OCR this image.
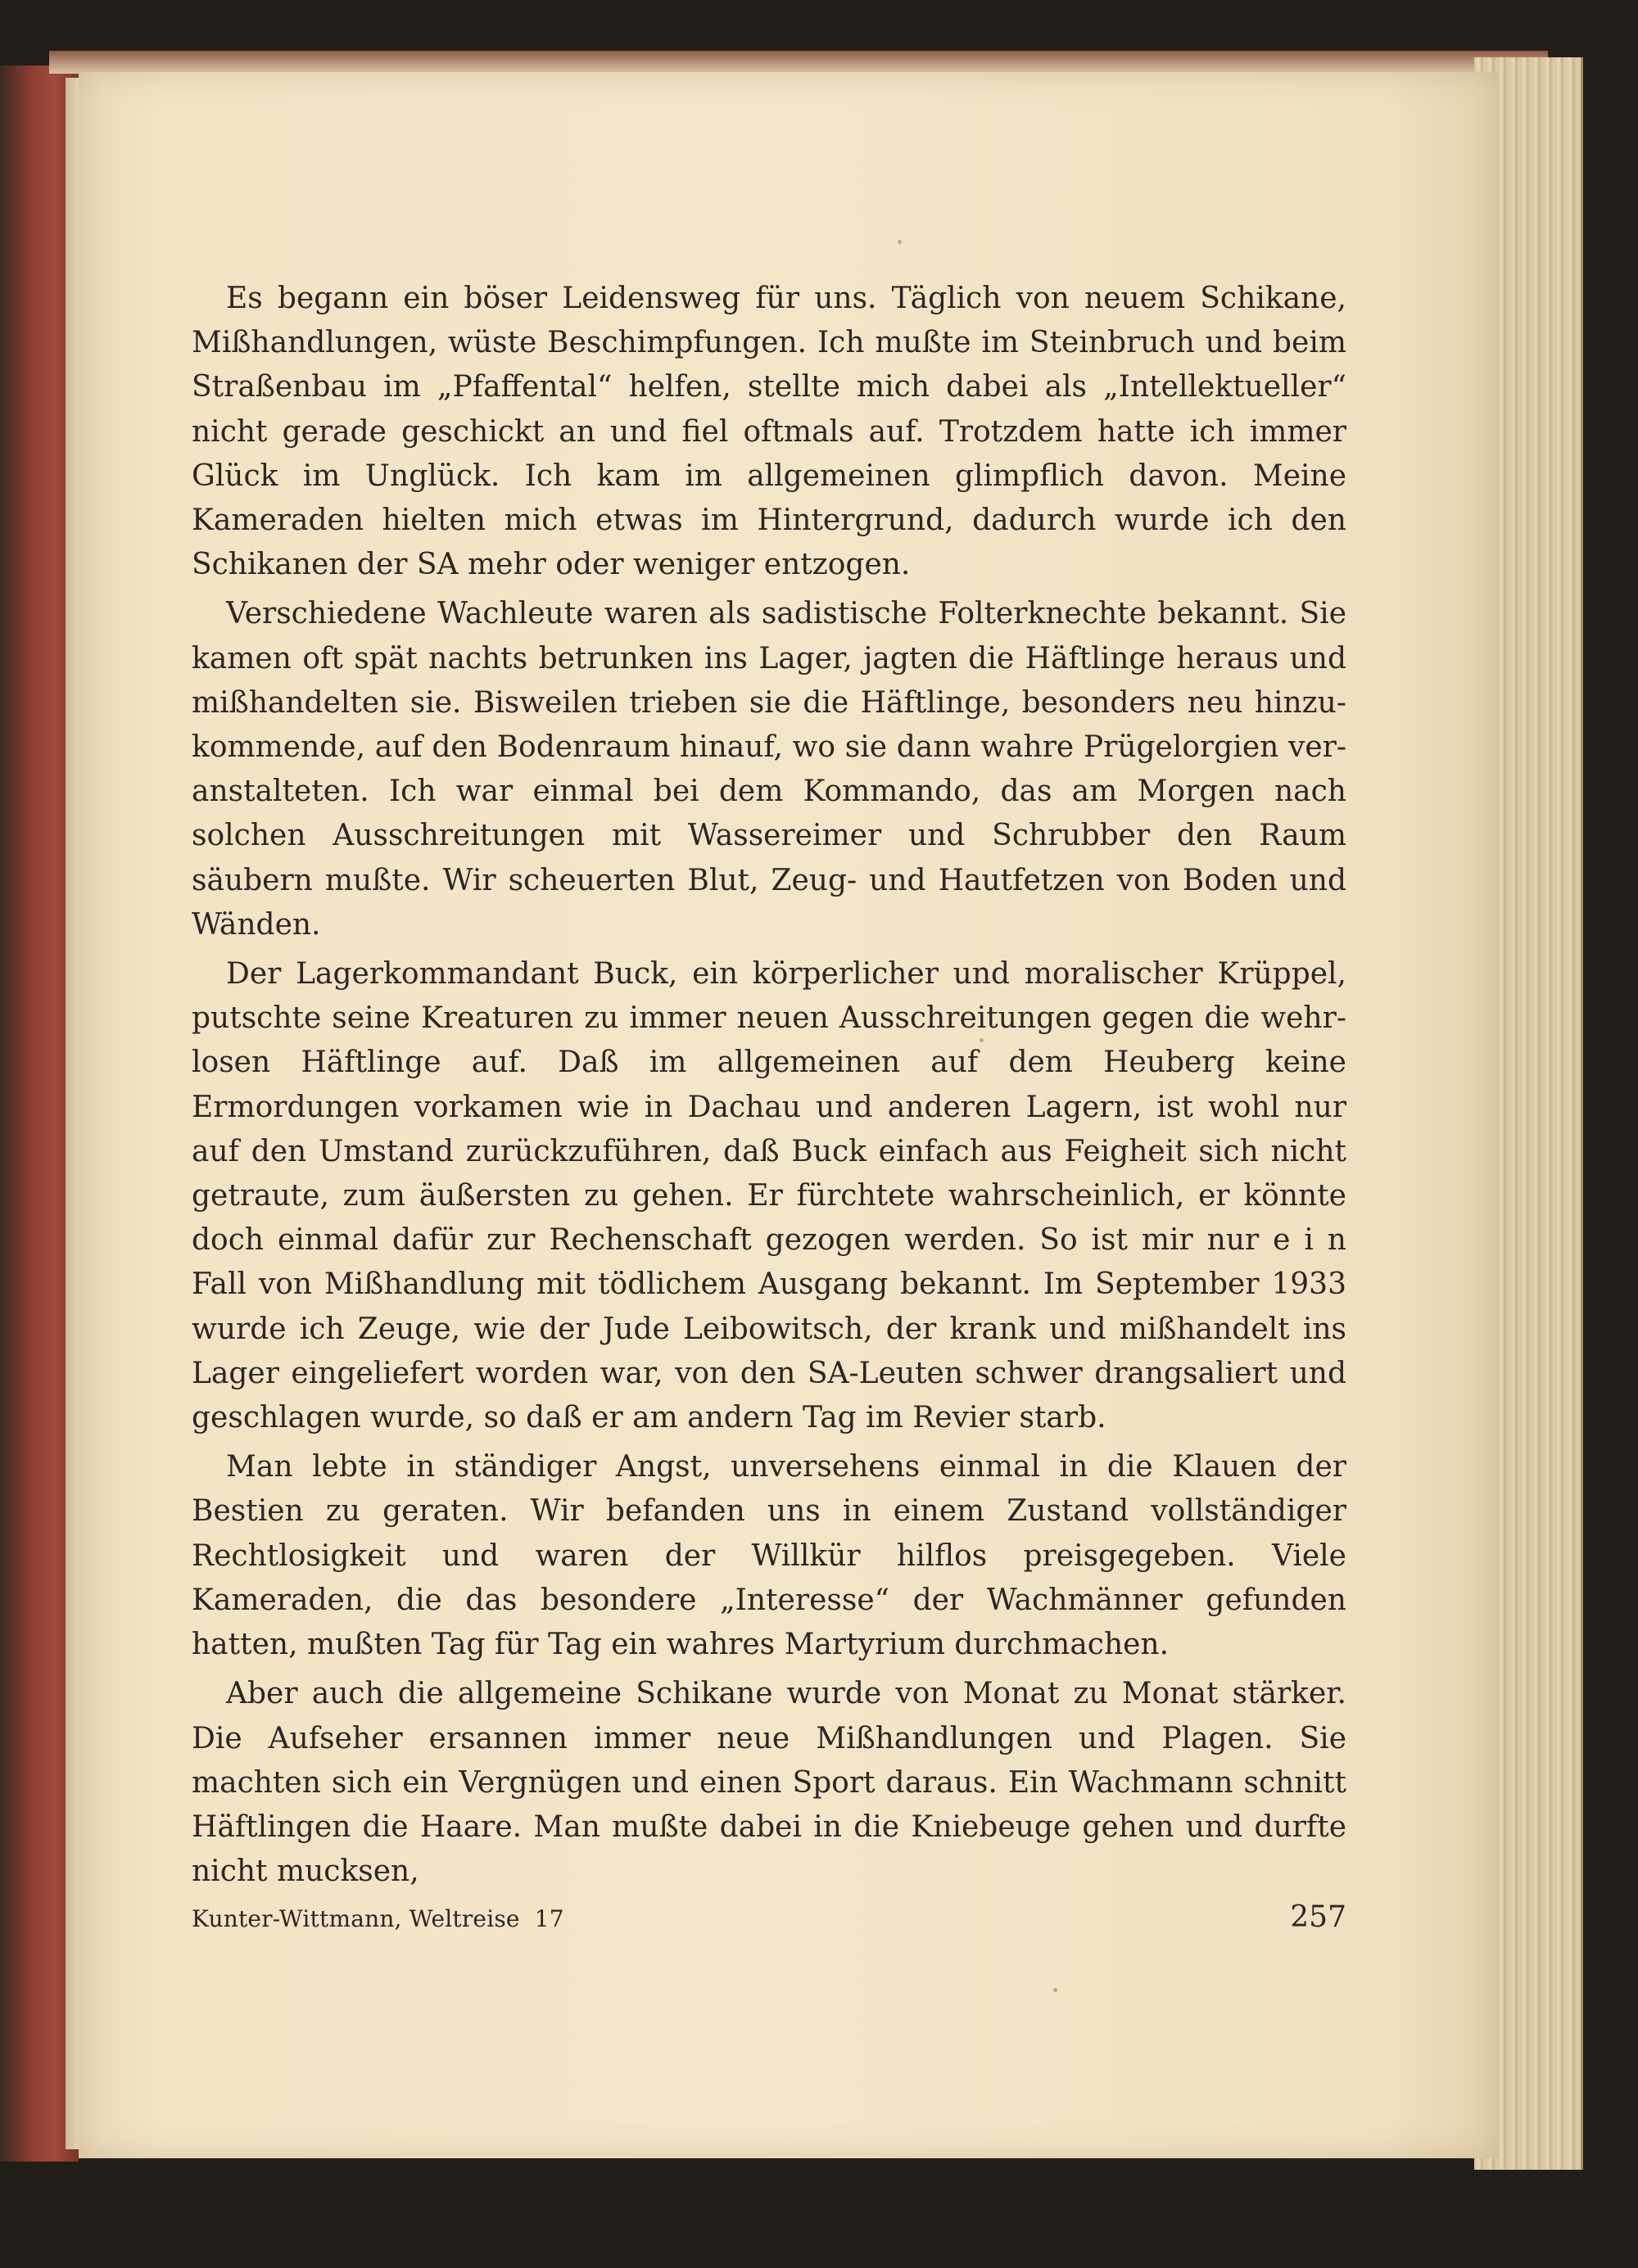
Es begann ein böser Leidensweg für uns. Täglich von neuem Schikane, Mißhandlungen, wüste Beschimpfungen. Ich mußte im Steinbruch und beim Straßenbau im „Pfaffental“ helfen, stellte mich dabei als „Intellektueller“ nicht gerade geschickt an und fiel oftmals auf. Trotzdem hatte ich immer Glück im Unglück. Ich kam im allgemeinen glimpflich davon. Meine Kameraden hielten mich etwas im Hintergrund, dadurch wurde ich den Schikanen der SA mehr oder weniger entzogen.

Verschiedene Wachleute waren als sadistische Folterknechte bekannt. Sie kamen oft spät nachts betrunken ins Lager, jagten die Häftlinge heraus und mißhandelten sie. Bisweilen trieben sie die Häftlinge, besonders neu hinzukommende, auf den Bodenraum hinauf, wo sie dann wahre Prügelorgien veranstalteten. Ich war einmal bei dem Kommando, das am Morgen nach solchen Ausschreitungen mit Wassereimer und Schrubber den Raum säubern mußte. Wir scheuerten Blut, Zeug- und Hautfetzen von Boden und Wänden.

Der Lagerkommandant Buck, ein körperlicher und moralischer Krüppel, putschte seine Kreaturen zu immer neuen Ausschreitungen gegen die wehrlosen Häftlinge auf. Daß im allgemeinen auf dem Heuberg keine Ermordungen vorkamen wie in Dachau und anderen Lagern, ist wohl nur auf den Umstand zurückzuführen, daß Buck einfach aus Feigheit sich nicht getraute, zum äußersten zu gehen. Er fürchtete wahrscheinlich, er könnte doch einmal dafür zur Rechenschaft gezogen werden. So ist mir nur e i n Fall von Mißhandlung mit tödlichem Ausgang bekannt. Im September 1933 wurde ich Zeuge, wie der Jude Leibowitsch, der krank und mißhandelt ins Lager eingeliefert worden war, von den SA-Leuten schwer drangsaliert und geschlagen wurde, so daß er am andern Tag im Revier starb.

Man lebte in ständiger Angst, unversehens einmal in die Klauen der Bestien zu geraten. Wir befanden uns in einem Zustand vollständiger Rechtlosigkeit und waren der Willkür hilflos preisgegeben. Viele Kameraden, die das besondere „Interesse“ der Wachmänner gefunden hatten, mußten Tag für Tag ein wahres Martyrium durchmachen.

Aber auch die allgemeine Schikane wurde von Monat zu Monat stärker. Die Aufseher ersannen immer neue Mißhandlungen und Plagen. Sie machten sich ein Vergnügen und einen Sport daraus. Ein Wachmann schnitt Häftlingen die Haare. Man mußte dabei in die Kniebeuge gehen und durfte nicht mucksen,

Kunter-Wittmann, Weltreise 17	257
